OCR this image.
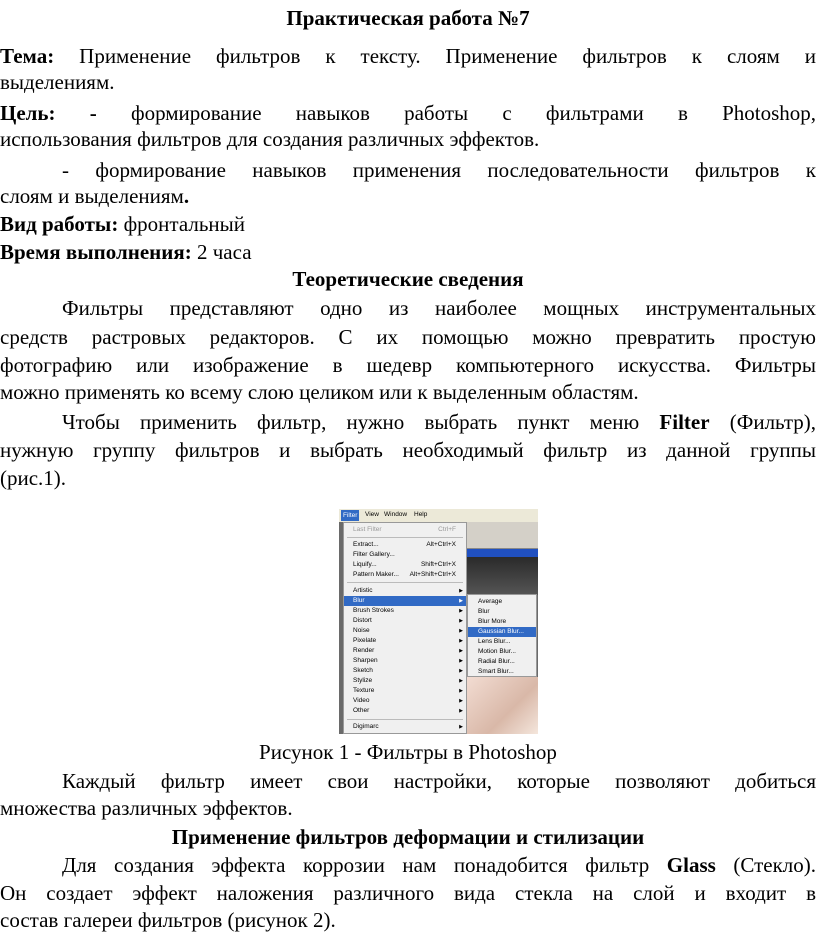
Практическая работа №7
Тема: Применение фильтров к тексту. Применение фильтров к слоям и
выделениям.
Цель: - формирование навыков работы с фильтрами в Photoshop,
использования фильтров для создания различных эффектов.
- формирование навыков применения последовательности фильтров к
слоям и выделениям.
Вид работы: фронтальный
Время выполнения: 2 часа
Теоретические сведения
Фильтры представляют одно из наиболее мощных инструментальных
средств растровых редакторов. С их помощью можно превратить простую
фотографию или изображение в шедевр компьютерного искусства. Фильтры
можно применять ко всему слою целиком или к выделенным областям.
Чтобы применить фильтр, нужно выбрать пункт меню Filter (Фильтр),
нужную группу фильтров и выбрать необходимый фильтр из данной группы
(рис.1).
Filter	View Window Help
Last Filter	Ctrl+F
Extract...	Alt+Ctrl+X
Filter Gallery...
Liquify...	Shift+Ctrl+X
Pattern Maker... Alt+Shift+Ctrl+X
Artistic	▶
Blur	▶
Brush Strokes	▶
Distort	▶
Noise	▶
Pixelate	▶
Render	▶
Sharpen	▶
Sketch	▶
Stylize	▶
Texture	▶
Video	▶
Other	▶
Digimarc	▶
Average
Blur
Blur More
Gaussian Blur...
Lens Blur...
Motion Blur...
Radial Blur...
Smart Blur...
Рисунок 1 - Фильтры в Photoshop
Каждый фильтр имеет свои настройки, которые позволяют добиться
множества различных эффектов.
Применение фильтров деформации и стилизации
Для создания эффекта коррозии нам понадобится фильтр Glass (Стекло).
Он создает эффект наложения различного вида стекла на слой и входит в
состав галереи фильтров (рисунок 2).
